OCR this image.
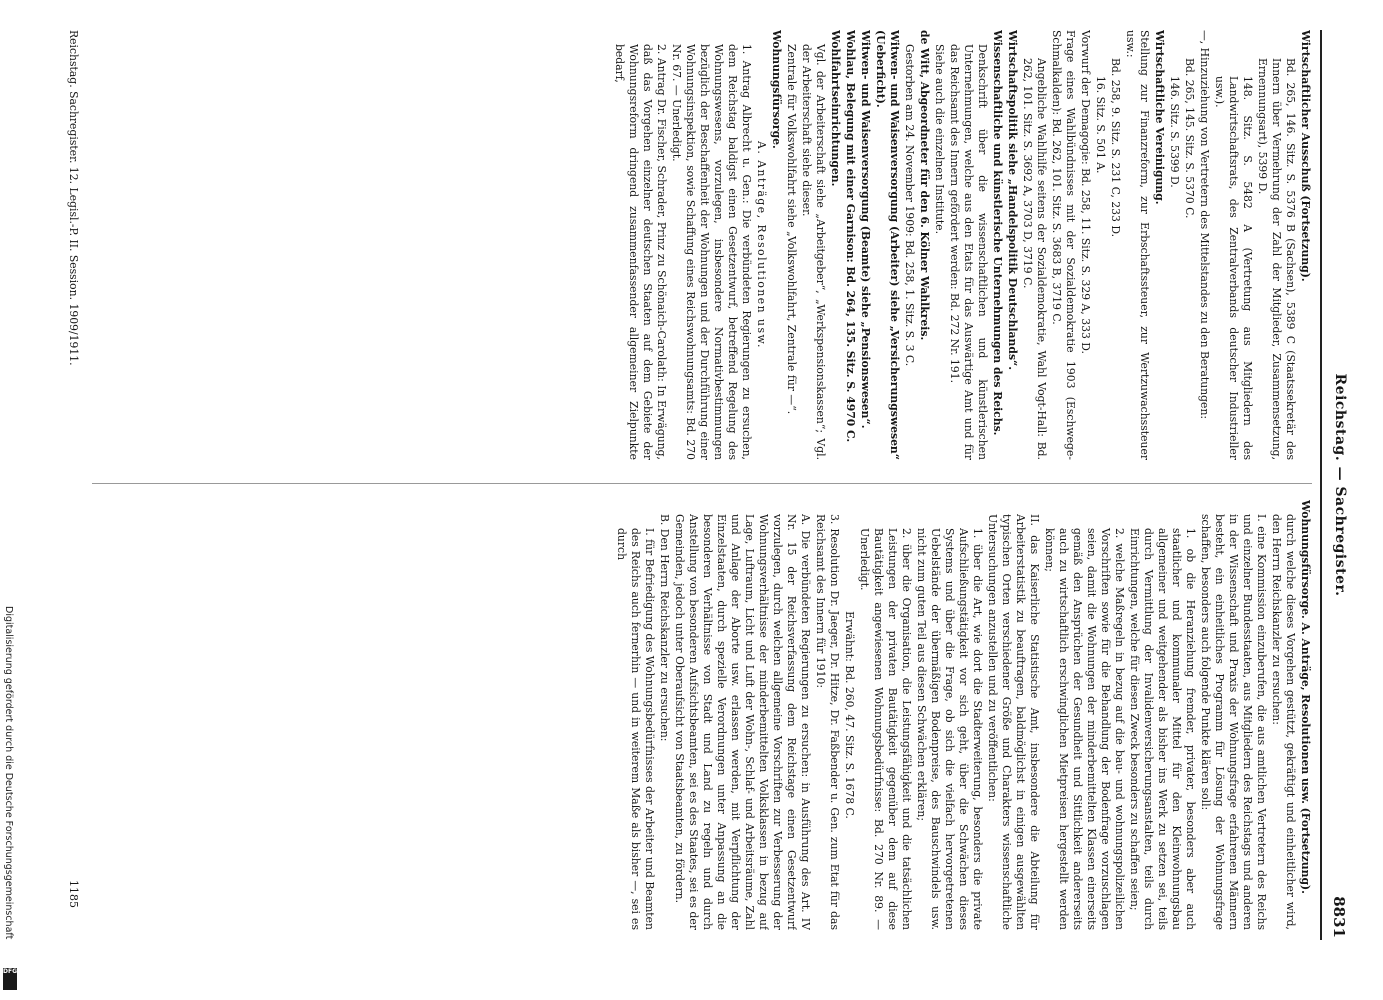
Digitalisierung gefördert durch die Deutsche Forschungsgemeinschaft
DFG
Reichstag. — Sachregister.
8831

Wirtschaftlicher Ausschuß (Fortsetzung).

Bd. 265, 146. Sitz. S. 5376 B (Sachsen), 5389 C (Staatssekretär des Innern über Vermehrung der Zahl der Mitglieder, Zusammensetzung, Ernennungsart), 5399 D.

148. Sitz. S. 5482 A (Vertretung aus Mitgliedern des Landwirtschaftsrats, des Zentralverbands deutscher Industrieller usw.).

—, Hinzuziehung von Vertretern des Mittelstandes zu den Beratungen:

Bd. 265, 145. Sitz. S. 5370 C.

146. Sitz. S. 5399 D.

Wirtschaftliche Vereinigung.

Stellung zur Finanzreform, zur Erbschaftssteuer, zur Wertzuwachssteuer usw.:

Bd. 258, 9. Sitz. S. 231 C, 233 D.

16. Sitz. S. 501 A.

Vorwurf der Demagogie: Bd. 258, 11. Sitz. S. 329 A, 333 D.

Frage eines Wahlbündnisses mit der Sozialdemokratie 1903 (Eschwege-Schmalkalden): Bd. 262, 101. Sitz. S. 3683 B, 3719 C.

Angebliche Wahlhilfe seitens der Sozialdemokratie, Wahl Vogt-Hall: Bd. 262, 101. Sitz. S. 3692 A, 3703 D, 3719 C.

Wirtschaftspolitik siehe „Handelspolitik Deutschlands“.

Wissenschaftliche und künstlerische Unternehmungen des Reichs.

Denkschrift über die wissenschaftlichen und künstlerischen Unternehmungen, welche aus den Etats für das Auswärtige Amt und für das Reichsamt des Innern gefördert werden: Bd. 272 Nr. 191.

Siehe auch die einzelnen Institute.

de Witt, Abgeordneter für den 6. Kölner Wahlkreis.

Gestorben am 24. November 1909: Bd. 258, 1. Sitz. S. 3 C.

Witwen- und Waisenversorgung (Arbeiter) siehe „Versicherungswesen“ (Ueberficht).

Witwen- und Waisenversorgung (Beamte) siehe „Pensionswesen“.

Wohlau, Belegung mit einer Garnison: Bd. 264, 135. Sitz. S. 4970 C.

Wohlfahrtseinrichtungen.

Vgl. der Arbeiterschaft siehe „Arbeitgeber“, „Werkspensionskassen“; Vgl. der Arbeiterschaft siehe dieser.

Zentrale für Volkswohlfahrt siehe „Volkswohlfahrt, Zentrale für —“.

Wohnungsfürsorge.

A. Anträge, Resolutionen usw.

1. Antrag Albrecht u. Gen.: Die verbündeten Regierungen zu ersuchen, dem Reichstag baldigst einen Gesetzentwurf, betreffend Regelung des Wohnungswesens, vorzulegen, insbesondere Normativbestimmungen bezüglich der Beschaffenheit der Wohnungen und der Durchführung einer Wohnungsinspektion, sowie Schaffung eines Reichswohnungsamts: Bd. 270 Nr. 67. — Unerledigt.

2. Antrag Dr. Fischer, Schrader, Prinz zu Schönaich-Carolath: In Erwägung, daß das Vorgehen einzelner deutschen Staaten auf dem Gebiete der Wohnungsreform dringend zusammenfassender allgemeiner Zielpunkte bedarf,

Wohnungsfürsorge. A. Anträge, Resolutionen usw. (Fortsetzung).

durch welche dieses Vorgehen gestützt, gekräftigt und einheitlicher wird, den Herrn Reichskanzler zu ersuchen:

I. eine Kommission einzuberufen, die aus amtlichen Vertretern des Reichs und einzelner Bundesstaaten, aus Mitgliedern des Reichstags und anderen in der Wissenschaft und Praxis der Wohnungsfrage erfahrenen Männern besteht, ein einheitliches Programm für Lösung der Wohnungsfrage schaffen, besonders auch folgende Punkte klären soll:

1. ob die Heranziehung fremder, privater, besonders aber auch staatlicher und kommunaler Mittel für den Kleinwohnungsbau allgemeiner und weitgehender als bisher ins Werk zu setzen sei, teils durch Vermittlung der Invalidenversicherungsanstalten, teils durch Einrichtungen, welche für diesen Zweck besonders zu schaffen seien;

2. welche Maßregeln in bezug auf die bau- und wohnungspolizeilichen Vorschriften sowie für die Behandlung der Bodenfrage vorzuschlagen seien, damit die Wohnungen der minderbemittelten Klassen einerseits gemäß den Ansprüchen der Gesundheit und Sittlichkeit andererseits auch zu wirtschaftlich erschwinglichen Mietpreisen hergestellt werden können;

II. das Kaiserliche Statistische Amt, insbesondere die Abteilung für Arbeiterstatistik zu beauftragen, baldmöglichst in einigen ausgewählten typischen Orten verschiedener Größe und Charakters wissenschaftliche Untersuchungen anzustellen und zu veröffentlichen:

1. über die Art, wie dort die Stadterweiterung, besonders die private Aufschließungstätigkeit vor sich geht, über die Schwächen dieses Systems und über die Frage, ob sich die vielfach hervorgetretenen Uebelstände der übermäßigen Bodenpreise, des Bauschwindels usw. nicht zum guten Teil aus diesen Schwächen erklären;

2. über die Organisation, die Leistungsfähigkeit und die tatsächlichen Leistungen der privaten Bautätigkeit gegenüber dem auf diese Bautätigkeit angewiesenen Wohnungsbedürfnisse: Bd. 270 Nr. 89. — Unerledigt.

Erwähnt: Bd. 260, 47. Sitz. S. 1678 C.

3. Resolution Dr. Jaeger, Dr. Hitze, Dr. Faßbender u. Gen. zum Etat für das Reichsamt des Innern für 1910:

A. Die verbündeten Regierungen zu ersuchen: in Ausführung des Art. IV Nr. 15 der Reichsverfassung dem Reichstage einen Gesetzentwurf vorzulegen, durch welchen allgemeine Vorschriften zur Verbesserung der Wohnungsverhältnisse der minderbemittelten Volksklassen in bezug auf Lage, Luftraum, Licht und Luft der Wohn-, Schlaf- und Arbeitsräume, Zahl und Anlage der Aborte usw. erlassen werden, mit Verpflichtung der Einzelstaaten, durch spezielle Verordnungen unter Anpassung an die besonderen Verhältnisse von Stadt und Land zu regeln und durch Anstellung von besonderen Aufsichtsbeamten, sei es des Staates, sei es der Gemeinden, jedoch unter Oberaufsicht von Staatsbeamten, zu fördern.

B. Den Herrn Reichskanzler zu ersuchen:

I. für Befriedigung des Wohnungsbedürfnisses der Arbeiter und Beamten des Reichs auch fernerhin — und in weiterem Maße als bisher —, sei es durch

Reichstag. Sachregister. 12. Legisl.-P. II. Session. 1909/1911.
1185
